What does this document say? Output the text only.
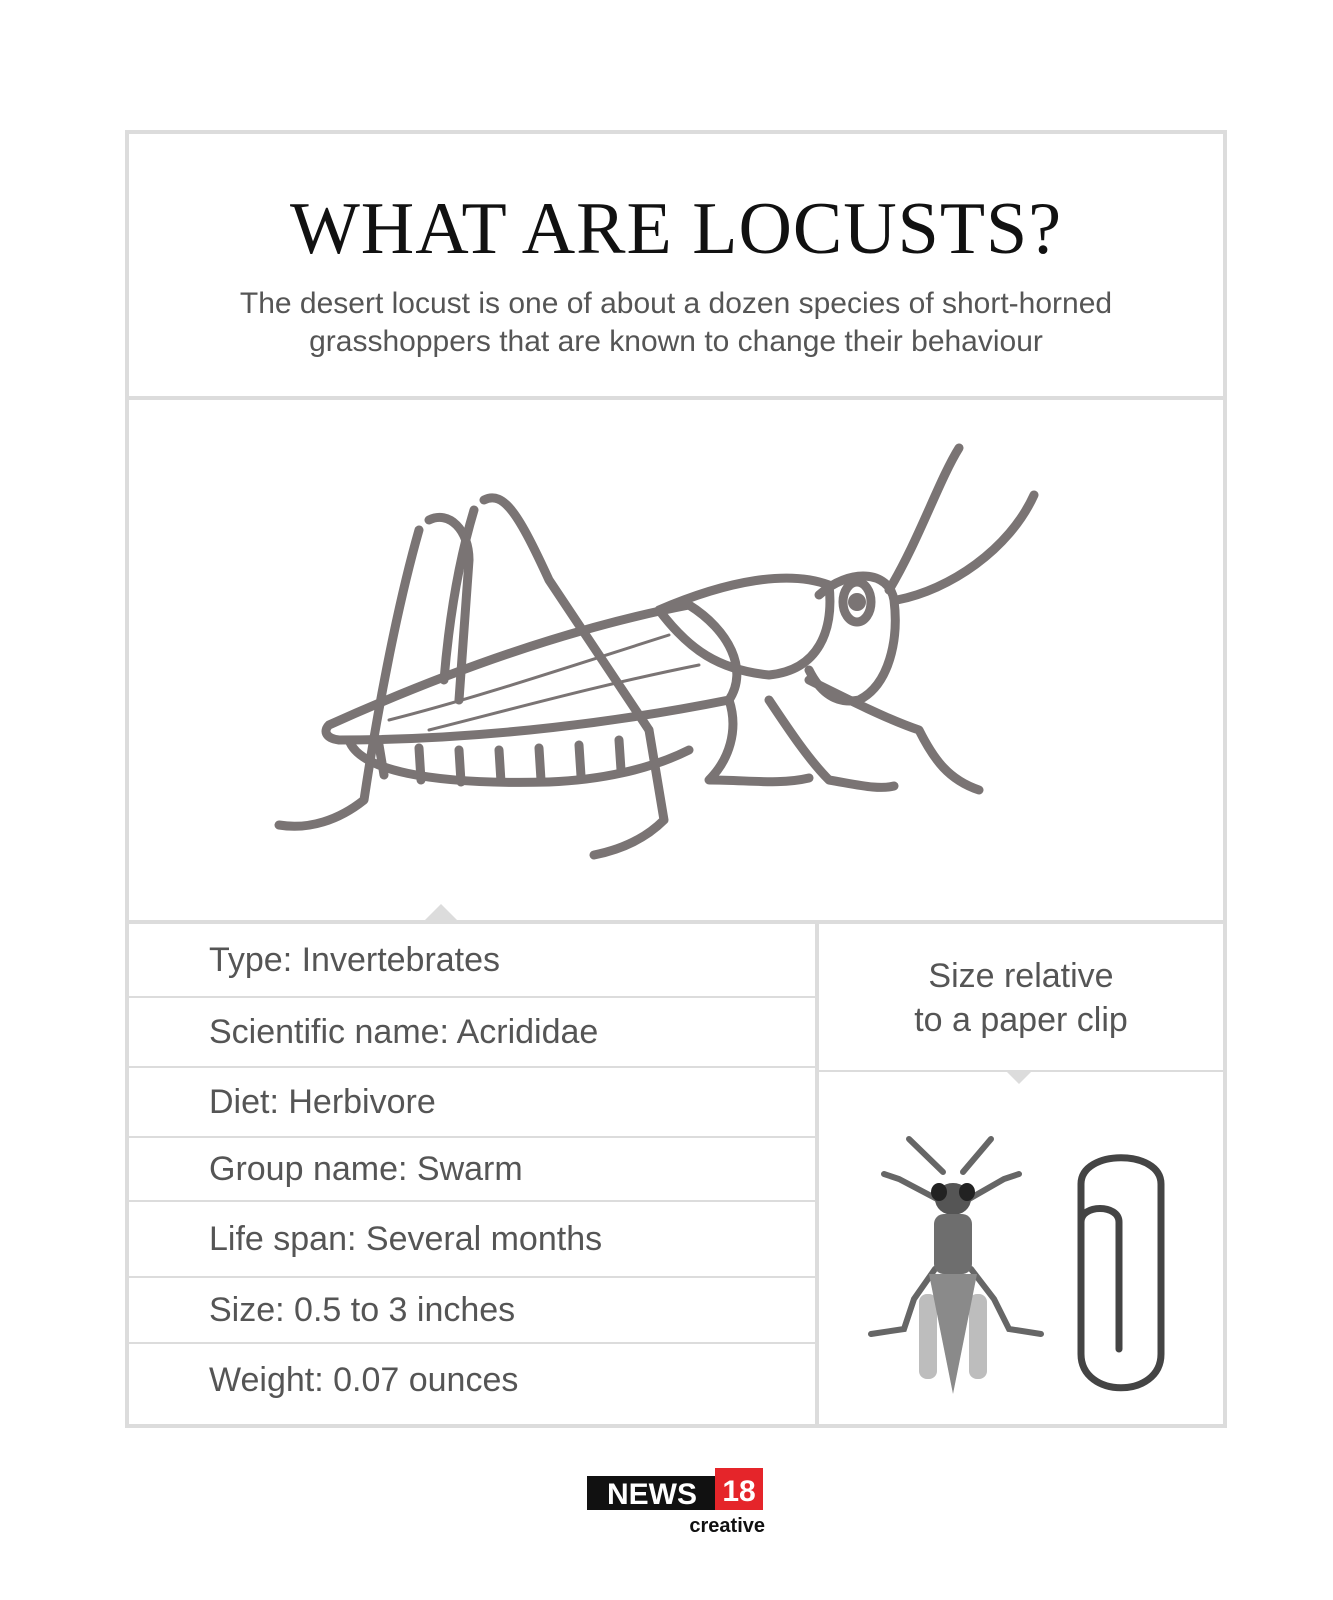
WHAT ARE LOCUSTS?
The desert locust is one of about a dozen species of short-horned
grasshoppers that are known to change their behaviour
Type: Invertebrates
Scientific name: Acrididae
Diet: Herbivore
Group name: Swarm
Life span: Several months
Size: 0.5 to 3 inches
Weight: 0.07 ounces
Size relative
to a paper clip
NEWS 18
creative
